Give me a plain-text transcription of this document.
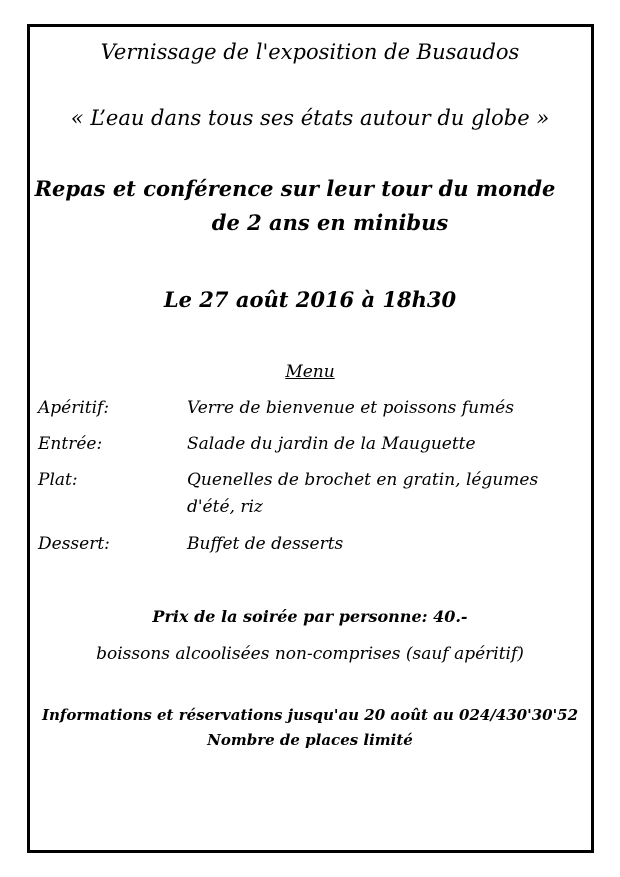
Vernissage de l'exposition de Busaudos
« L’eau dans tous ses états autour du globe »
Repas et conférence sur leur tour du monde
de 2 ans en minibus
Le 27 août 2016 à 18h30
Menu
Apéritif:	Verre de bienvenue et poissons fumés
Entrée:	Salade du jardin de la Mauguette
Plat:	Quenelles de brochet en gratin, légumes
d'été, riz
Dessert:	Buffet de desserts
Prix de la soirée par personne: 40.-
boissons alcoolisées non-comprises (sauf apéritif)
Informations et réservations jusqu'au 20 août au 024/430'30'52
Nombre de places limité
